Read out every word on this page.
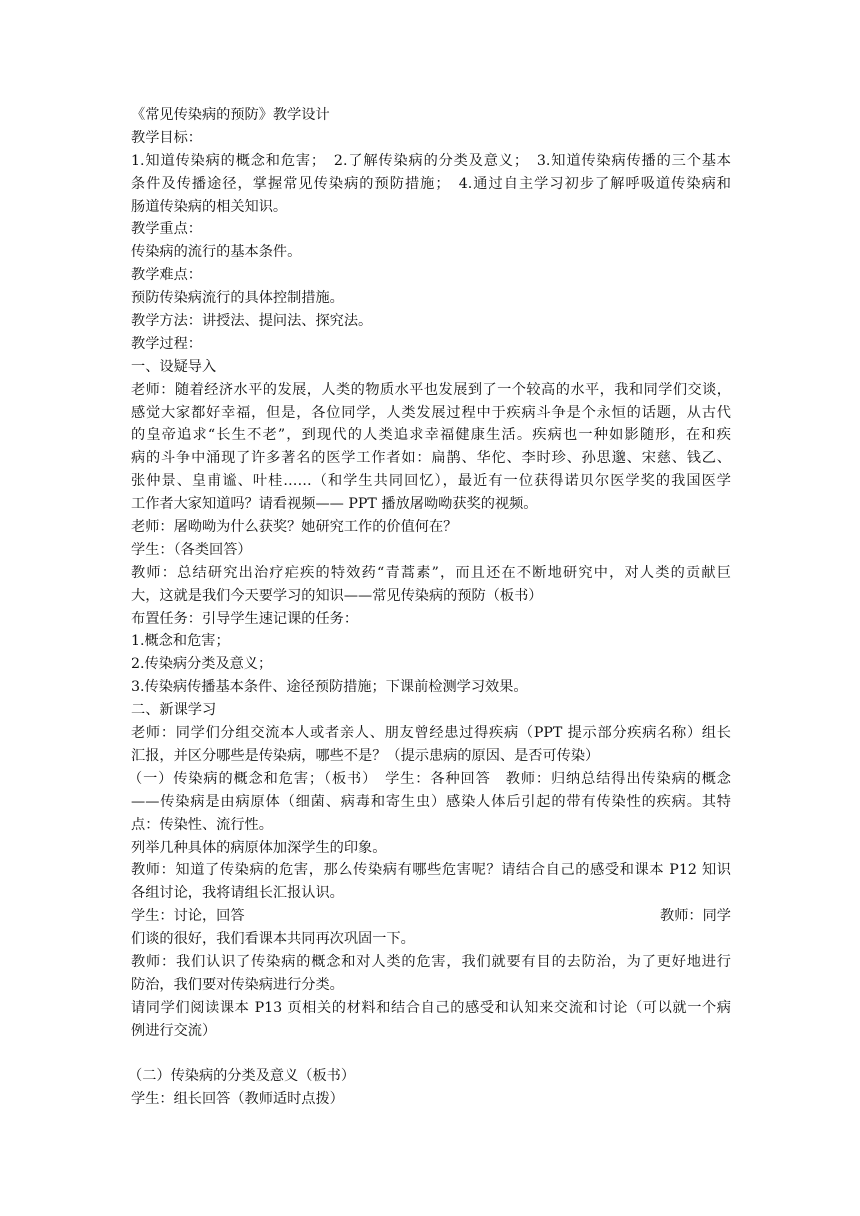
《常见传染病的预防》教学设计
教学目标：
1.知道传染病的概念和危害；　2.了解传染病的分类及意义；　3.知道传染病传播的三个基本
条件及传播途径，掌握常见传染病的预防措施；　4.通过自主学习初步了解呼吸道传染病和
肠道传染病的相关知识。
教学重点：
传染病的流行的基本条件。
教学难点：
预防传染病流行的具体控制措施。
教学方法：讲授法、提问法、探究法。
教学过程：
一、设疑导入
老师：随着经济水平的发展，人类的物质水平也发展到了一个较高的水平，我和同学们交谈，
感觉大家都好幸福，但是，各位同学，人类发展过程中于疾病斗争是个永恒的话题，从古代
的皇帝追求“长生不老”，到现代的人类追求幸福健康生活。疾病也一种如影随形，在和疾
病的斗争中涌现了许多著名的医学工作者如：扁鹊、华佗、李时珍、孙思邈、宋慈、钱乙、
张仲景、皇甫谧、叶桂……（和学生共同回忆），最近有一位获得诺贝尔医学奖的我国医学
工作者大家知道吗？请看视频—— PPT 播放屠呦呦获奖的视频。
老师：屠呦呦为什么获奖？她研究工作的价值何在？
学生：（各类回答）
教师：总结研究出治疗疟疾的特效药“青蒿素”，而且还在不断地研究中，对人类的贡献巨
大，这就是我们今天要学习的知识——常见传染病的预防（板书）
布置任务：引导学生速记课的任务：
1.概念和危害；
2.传染病分类及意义；
3.传染病传播基本条件、途径预防措施；下课前检测学习效果。
二、新课学习
老师：同学们分组交流本人或者亲人、朋友曾经患过得疾病（PPT 提示部分疾病名称）组长
汇报，并区分哪些是传染病，哪些不是？（提示患病的原因、是否可传染）
（一）传染病的概念和危害；（板书）　学生：各种回答　教师：归纳总结得出传染病的概念
——传染病是由病原体（细菌、病毒和寄生虫）感染人体后引起的带有传染性的疾病。其特
点：传染性、流行性。
列举几种具体的病原体加深学生的印象。
教师：知道了传染病的危害，那么传染病有哪些危害呢？请结合自己的感受和课本 P12 知识
各组讨论，我将请组长汇报认识。
学生：讨论，回答	教师：同学
们谈的很好，我们看课本共同再次巩固一下。
教师：我们认识了传染病的概念和对人类的危害，我们就要有目的去防治，为了更好地进行
防治，我们要对传染病进行分类。
请同学们阅读课本 P13 页相关的材料和结合自己的感受和认知来交流和讨论（可以就一个病
例进行交流）
（二）传染病的分类及意义（板书）
学生：组长回答（教师适时点拨）
